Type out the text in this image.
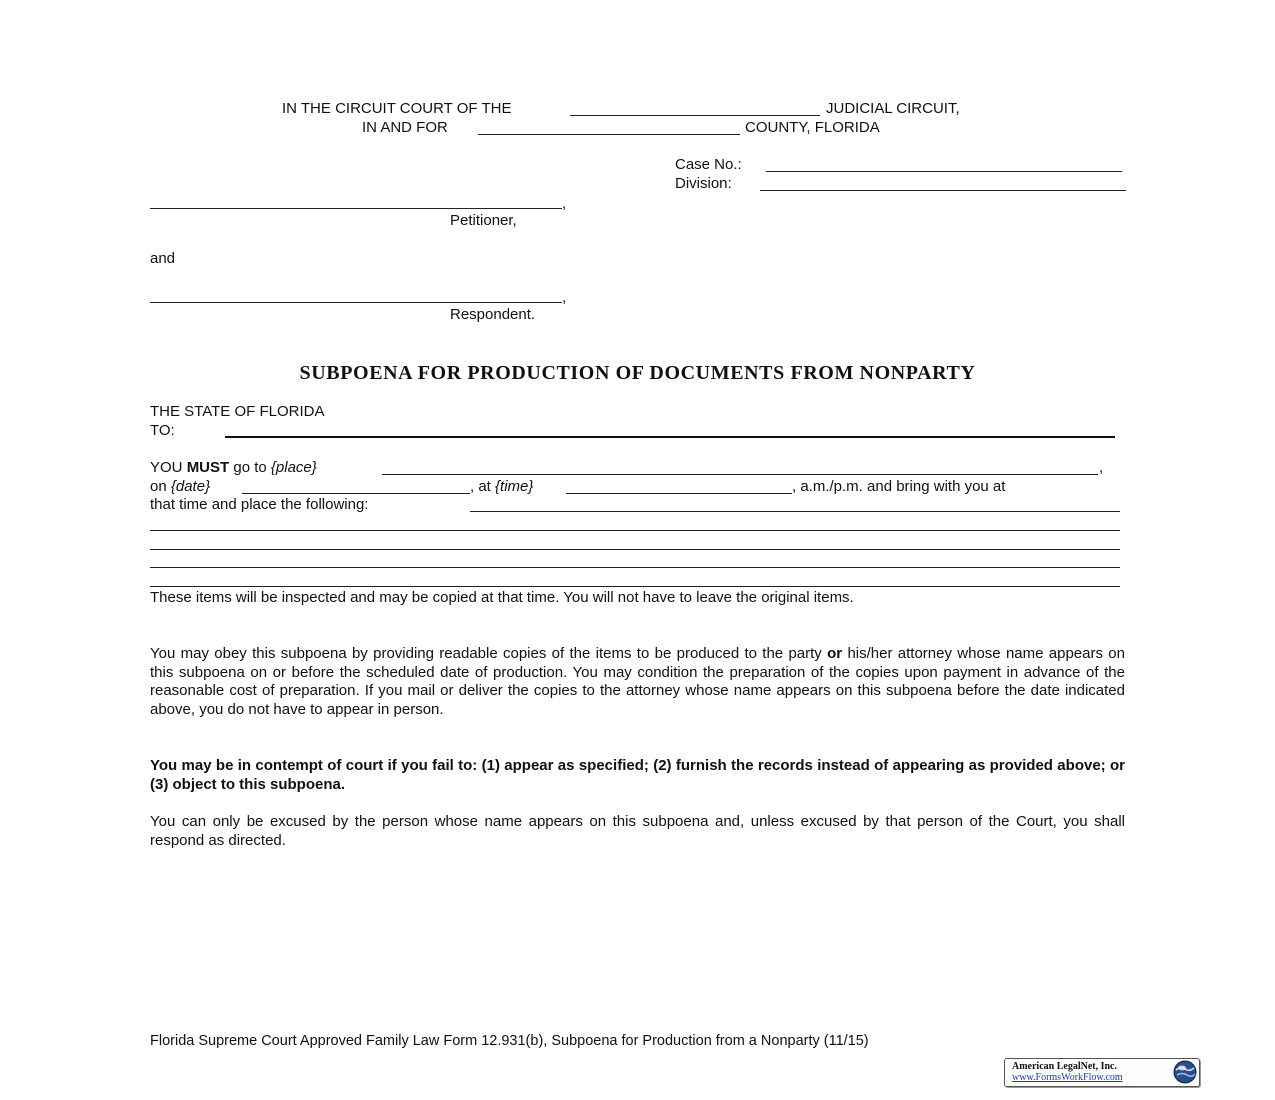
IN THE CIRCUIT COURT OF THE	JUDICIAL CIRCUIT,
IN AND FOR	COUNTY, FLORIDA
Case No.:
Division:
,
Petitioner,
and
,
Respondent.
SUBPOENA FOR PRODUCTION OF DOCUMENTS FROM NONPARTY
THE STATE OF FLORIDA
TO:
YOU MUST go to {place}	,
on {date}	, at {time}	, a.m./p.m. and bring with you at
that time and place the following:
These items will be inspected and may be copied at that time. You will not have to leave the original items.
You may obey this subpoena by providing readable copies of the items to be produced to the party or his/her attorney whose name appears on this subpoena on or before the scheduled date of production. You may condition the preparation of the copies upon payment in advance of the reasonable cost of preparation. If you mail or deliver the copies to the attorney whose name appears on this subpoena before the date indicated above, you do not have to appear in person.
You may be in contempt of court if you fail to: (1) appear as specified; (2) furnish the records instead of appearing as provided above; or (3) object to this subpoena.
You can only be excused by the person whose name appears on this subpoena and, unless excused by that person of the Court, you shall respond as directed.
Florida Supreme Court Approved Family Law Form 12.931(b), Subpoena for Production from a Nonparty (11/15)
American LegalNet, Inc.
www.FormsWorkFlow.com
